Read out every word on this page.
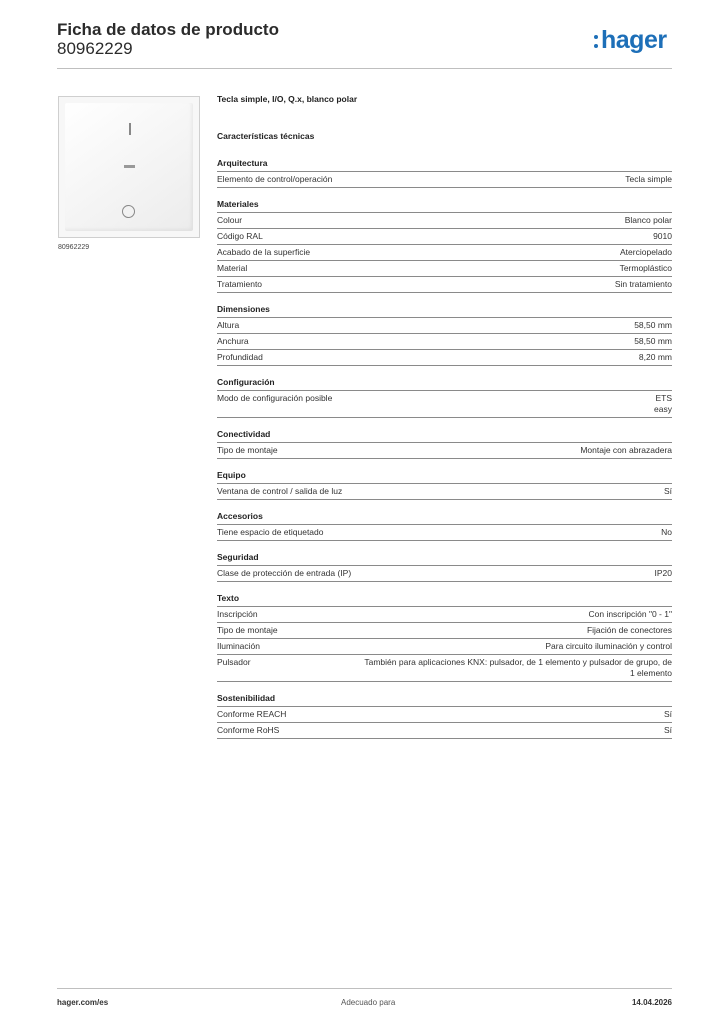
Ficha de datos de producto
80962229	hager
80962229
Tecla simple, I/O, Q.x, blanco polar
Características técnicas
Arquitectura
Elemento de control/operación	Tecla simple
Materiales
Colour	Blanco polar
Código RAL	9010
Acabado de la superficie	Aterciopelado
Material	Termoplástico
Tratamiento	Sin tratamiento
Dimensiones
Altura	58,50 mm
Anchura	58,50 mm
Profundidad	8,20 mm
Configuración
Modo de configuración posible	ETS
easy
Conectividad
Tipo de montaje	Montaje con abrazadera
Equipo
Ventana de control / salida de luz	Sí
Accesorios
Tiene espacio de etiquetado	No
Seguridad
Clase de protección de entrada (IP)	IP20
Texto
Inscripción	Con inscripción "0 - 1"
Tipo de montaje	Fijación de conectores
Iluminación	Para circuito iluminación y control
Pulsador	También para aplicaciones KNX: pulsador, de 1 elemento y pulsador de grupo, de 1 elemento
Sostenibilidad
Conforme REACH	Sí
Conforme RoHS	Sí
hager.com/es	Adecuado para	14.04.2026
